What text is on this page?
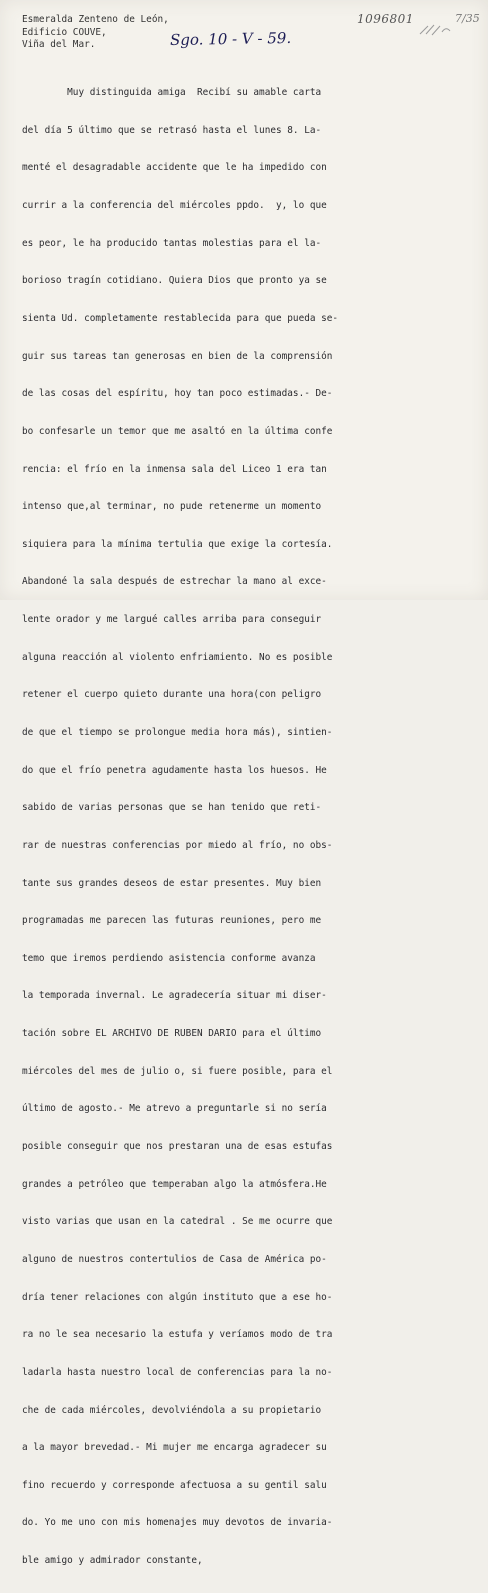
1096801	7/35
Esmeralda Zenteno de León,
Edificio COUVE,
Viña del Mar.	Sgo. 10 - V - 59.

Muy distinguida amiga  Recibí su amable carta

del día 5 último que se retrasó hasta el lunes 8. La-

menté el desagradable accidente que le ha impedido con

currir a la conferencia del miércoles ppdo.  y, lo que

es peor, le ha producido tantas molestias para el la-

borioso tragín cotidiano. Quiera Dios que pronto ya se

sienta Ud. completamente restablecida para que pueda se-

guir sus tareas tan generosas en bien de la comprensión

de las cosas del espíritu, hoy tan poco estimadas.- De-

bo confesarle un temor que me asaltó en la última confe

rencia: el frío en la inmensa sala del Liceo 1 era tan

intenso que,al terminar, no pude retenerme un momento

siquiera para la mínima tertulia que exige la cortesía.

Abandoné la sala después de estrechar la mano al exce-

lente orador y me largué calles arriba para conseguir

alguna reacción al violento enfriamiento. No es posible

retener el cuerpo quieto durante una hora(con peligro

de que el tiempo se prolongue media hora más), sintien-

do que el frío penetra agudamente hasta los huesos. He

sabido de varias personas que se han tenido que reti-

rar de nuestras conferencias por miedo al frío, no obs-

tante sus grandes deseos de estar presentes. Muy bien

programadas me parecen las futuras reuniones, pero me

temo que iremos perdiendo asistencia conforme avanza

la temporada invernal. Le agradecería situar mi diser-

tación sobre EL ARCHIVO DE RUBEN DARIO para el último

miércoles del mes de julio o, si fuere posible, para el

último de agosto.- Me atrevo a preguntarle si no sería

posible conseguir que nos prestaran una de esas estufas

grandes a petróleo que temperaban algo la atmósfera.He

visto varias que usan en la catedral . Se me ocurre que

alguno de nuestros contertulios de Casa de América po-

dría tener relaciones con algún instituto que a ese ho-

ra no le sea necesario la estufa y veríamos modo de tra

ladarla hasta nuestro local de conferencias para la no-

che de cada miércoles, devolviéndola a su propietario

a la mayor brevedad.- Mi mujer me encarga agradecer su

fino recuerdo y corresponde afectuosa a su gentil salu

do. Yo me uno con mis homenajes muy devotos de invaria-

ble amigo y admirador constante,
